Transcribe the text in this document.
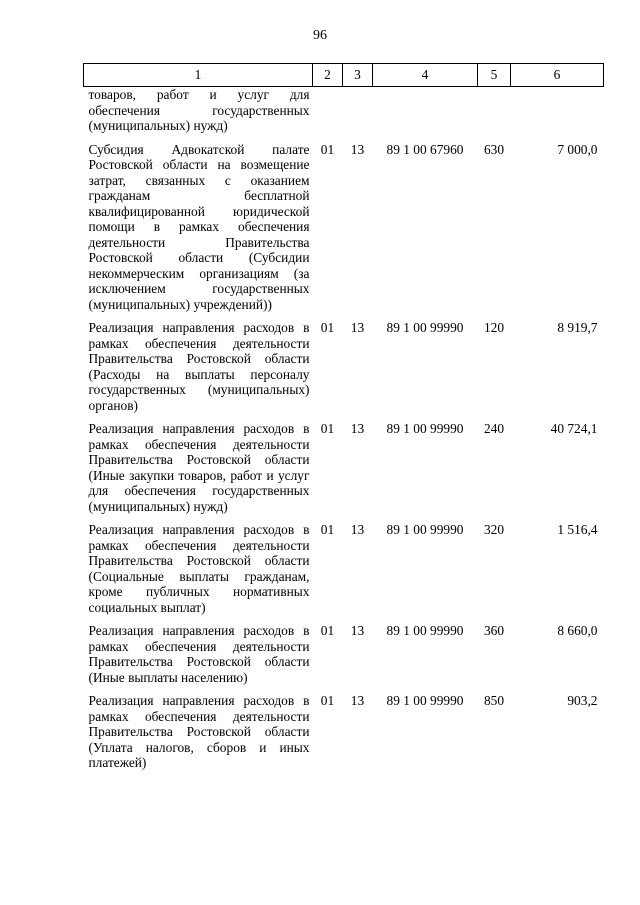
96
1	2	3	4	5	6
товаров, работ и услуг для обеспечения государственных (муниципальных) нужд)					
Субсидия Адвокатской палате Ростовской области на возмещение затрат, связанных с оказанием гражданам бесплатной квалифицированной юридической помощи в рамках обеспечения деятельности Правительства Ростовской области (Субсидии некоммерческим организациям (за исключением государственных (муниципальных) учреждений))	01	13	89 1 00 67960	630	7 000,0
Реализация направления расходов в рамках обеспечения деятельности Правительства Ростовской области (Расходы на выплаты персоналу государственных (муниципальных) органов)	01	13	89 1 00 99990	120	8 919,7
Реализация направления расходов в рамках обеспечения деятельности Правительства Ростовской области (Иные закупки товаров, работ и услуг для обеспечения государственных (муниципальных) нужд)	01	13	89 1 00 99990	240	40 724,1
Реализация направления расходов в рамках обеспечения деятельности Правительства Ростовской области (Социальные выплаты гражданам, кроме публичных нормативных социальных выплат)	01	13	89 1 00 99990	320	1 516,4
Реализация направления расходов в рамках обеспечения деятельности Правительства Ростовской области (Иные выплаты населению)	01	13	89 1 00 99990	360	8 660,0
Реализация направления расходов в рамках обеспечения деятельности Правительства Ростовской области (Уплата налогов, сборов и иных платежей)	01	13	89 1 00 99990	850	903,2
